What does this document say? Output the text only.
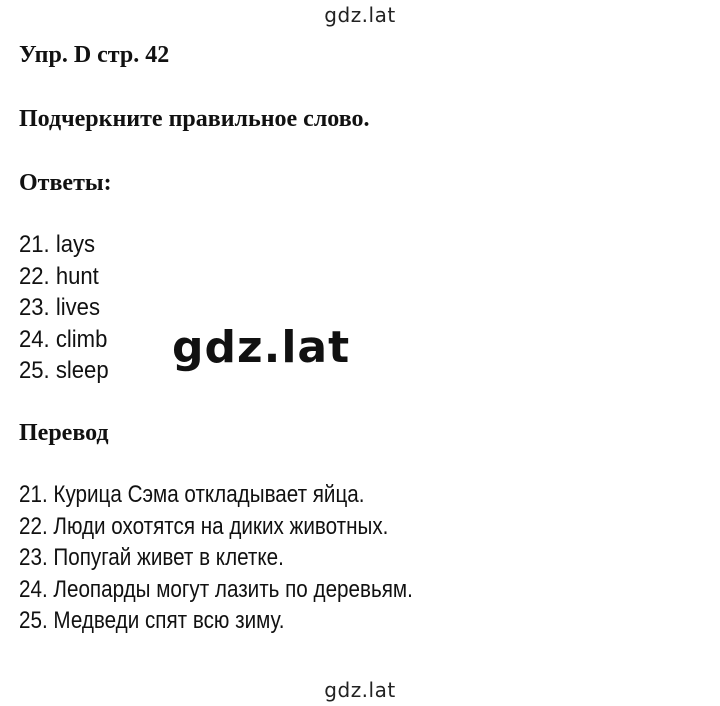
gdz.lat
Упр. D стр. 42
Подчеркните правильное слово.
Ответы:
21. lays
22. hunt
23. lives
24. climb
25. sleep gdz.lat
Перевод
21. Курица Сэма откладывает яйца.
22. Люди охотятся на диких животных.
23. Попугай живет в клетке.
24. Леопарды могут лазить по деревьям.
25. Медведи спят всю зиму.
gdz.lat
